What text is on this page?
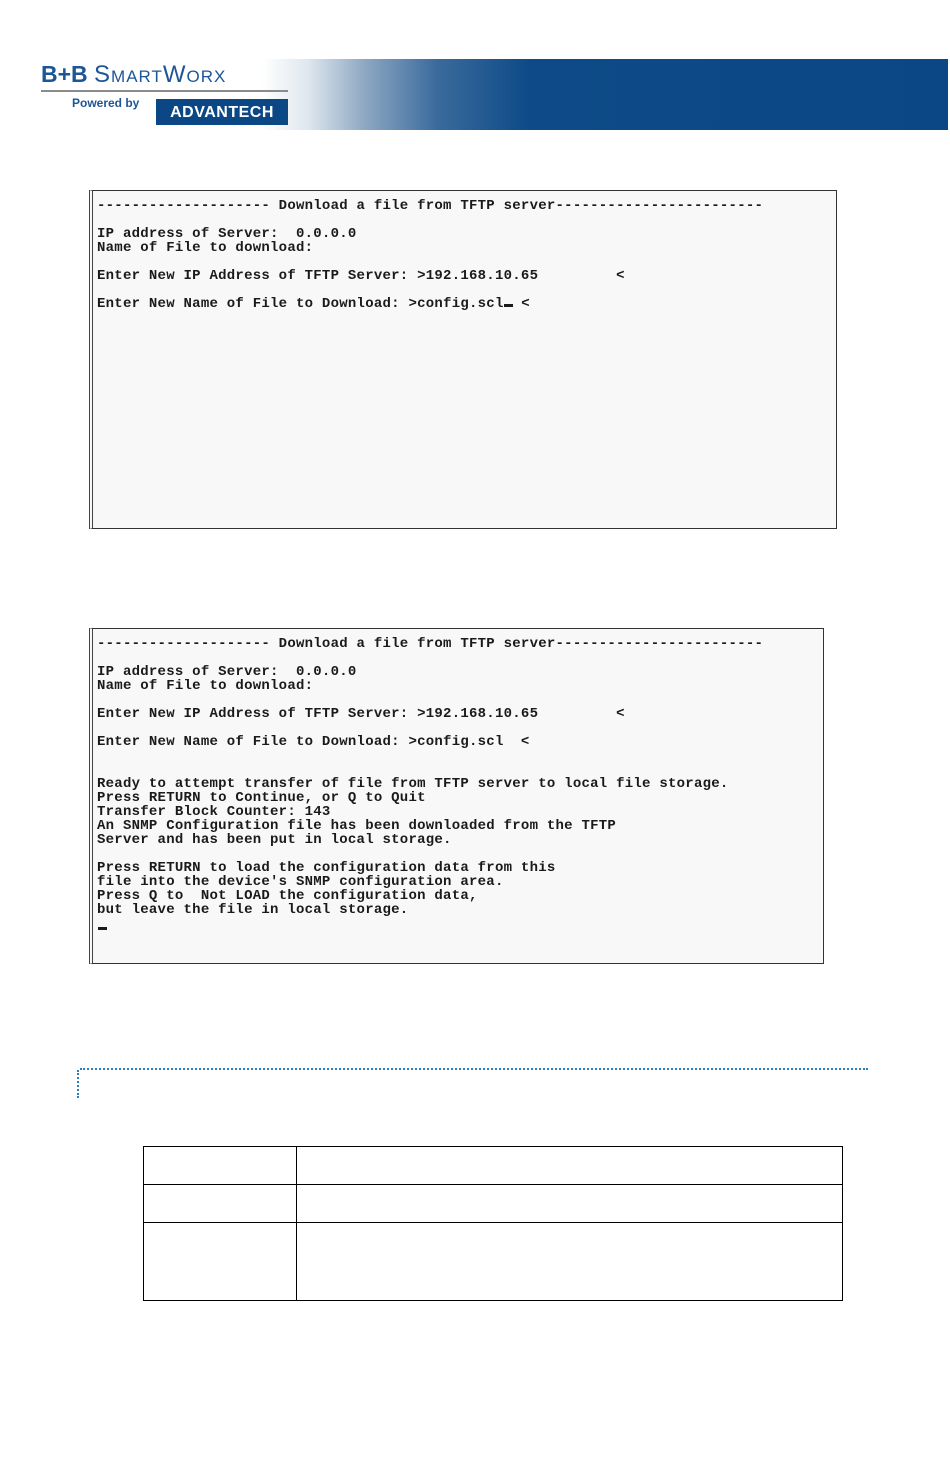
B+B SmartWorx
Powered by
ADVANTECH
-------------------- Download a file from TFTP server------------------------
IP address of Server:  0.0.0.0
Name of File to download:
Enter New IP Address of TFTP Server: >192.168.10.65         <
Enter New Name of File to Download: >config.scl <
-------------------- Download a file from TFTP server------------------------
IP address of Server:  0.0.0.0
Name of File to download:
Enter New IP Address of TFTP Server: >192.168.10.65         <
Enter New Name of File to Download: >config.scl  <
Ready to attempt transfer of file from TFTP server to local file storage.
Press RETURN to Continue, or Q to Quit
Transfer Block Counter: 143
An SNMP Configuration file has been downloaded from the TFTP
Server and has been put in local storage.
Press RETURN to load the configuration data from this
file into the device's SNMP configuration area.
Press Q to  Not LOAD the configuration data,
but leave the file in local storage.
